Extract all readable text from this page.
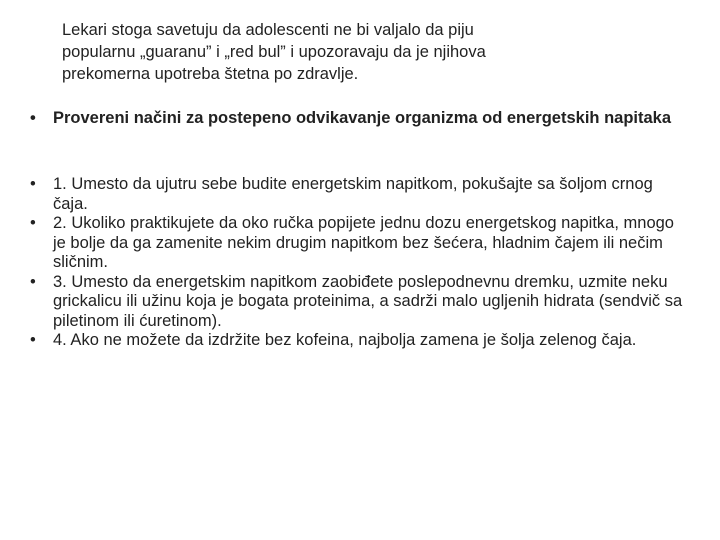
Lekari stoga savetuju da adolescenti ne bi valjalo da piju popularnu „guaranu” i „red bul” i upozoravaju da je njihova prekomerna upotreba štetna po zdravlje.
•	Provereni načini za postepeno odvikavanje organizma od energetskih napitaka
•	1. Umesto da ujutru sebe budite energetskim napitkom, pokušajte sa šoljom crnog čaja.
•	2. Ukoliko praktikujete da oko ručka popijete jednu dozu energetskog napitka, mnogo je bolje da ga zamenite nekim drugim napitkom bez šećera, hladnim čajem ili nečim sličnim.
•	3. Umesto da energetskim napitkom zaobiđete poslepodnevnu dremku, uzmite neku grickalicu ili užinu koja je bogata proteinima, a sadrži malo ugljenih hidrata (sendvič sa piletinom ili ćuretinom).
•	4. Ako ne možete da izdržite bez kofeina, najbolja zamena je šolja zelenog čaja.
